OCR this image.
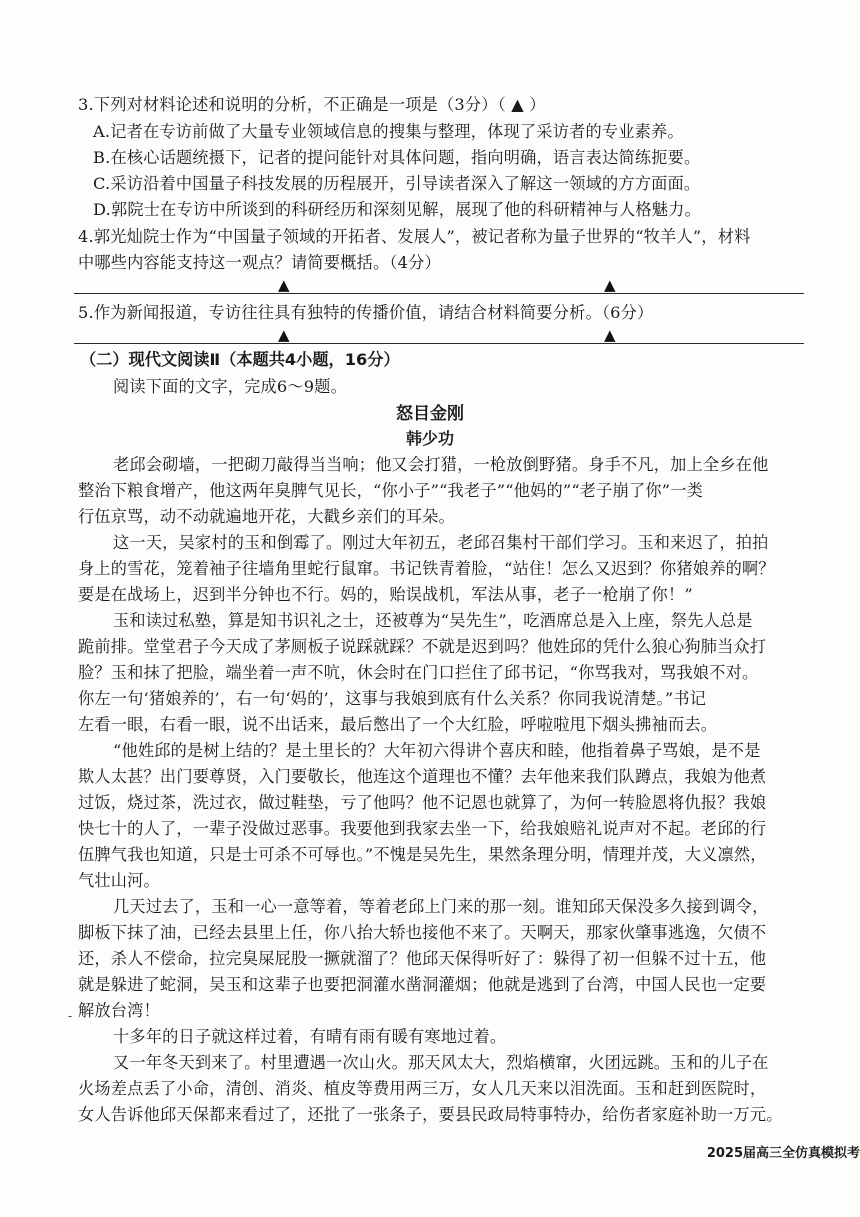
3.下列对材料论述和说明的分析，不正确是一项是（3分）（ ▲ ）
A.记者在专访前做了大量专业领域信息的搜集与整理，体现了采访者的专业素养。
B.在核心话题统摄下，记者的提问能针对具体问题，指向明确，语言表达简练扼要。
C.采访沿着中国量子科技发展的历程展开，引导读者深入了解这一领域的方方面面。
D.郭院士在专访中所谈到的科研经历和深刻见解，展现了他的科研精神与人格魅力。
4.郭光灿院士作为“中国量子领域的开拓者、发展人”，被记者称为量子世界的“牧羊人”，材料
中哪些内容能支持这一观点？请简要概括。（4分）
▲	▲
5.作为新闻报道，专访往往具有独特的传播价值，请结合材料简要分析。（6分）
▲	▲
（二）现代文阅读Ⅱ（本题共4小题，16分）
阅读下面的文字，完成6～9题。
怒目金刚
韩少功
老邱会砌墙，一把砌刀敲得当当响；他又会打猎，一枪放倒野猪。身手不凡，加上全乡在他
整治下粮食增产，他这两年臭脾气见长，“你小子”“我老子”“他妈的”“老子崩了你”一类
行伍京骂，动不动就遍地开花，大戳乡亲们的耳朵。
这一天，吴家村的玉和倒霉了。刚过大年初五，老邱召集村干部们学习。玉和来迟了，拍拍
身上的雪花，笼着袖子往墙角里蛇行鼠窜。书记铁青着脸，“站住！怎么又迟到？你猪娘养的啊？
要是在战场上，迟到半分钟也不行。妈的，贻误战机，军法从事，老子一枪崩了你！”
玉和读过私塾，算是知书识礼之士，还被尊为“吴先生”，吃酒席总是入上座，祭先人总是
跪前排。堂堂君子今天成了茅厕板子说踩就踩？不就是迟到吗？他姓邱的凭什么狼心狗肺当众打
脸？玉和抹了把脸，端坐着一声不吭，休会时在门口拦住了邱书记，“你骂我对，骂我娘不对。
你左一句‘猪娘养的’，右一句‘妈的’，这事与我娘到底有什么关系？你同我说清楚。”书记
左看一眼，右看一眼，说不出话来，最后憋出了一个大红脸，呼啦啦甩下烟头拂袖而去。
“他姓邱的是树上结的？是土里长的？大年初六得讲个喜庆和睦，他指着鼻子骂娘，是不是
欺人太甚？出门要尊贤，入门要敬长，他连这个道理也不懂？去年他来我们队蹲点，我娘为他煮
过饭，烧过茶，洗过衣，做过鞋垫，亏了他吗？他不记恩也就算了，为何一转脸恩将仇报？我娘
快七十的人了，一辈子没做过恶事。我要他到我家去坐一下，给我娘赔礼说声对不起。老邱的行
伍脾气我也知道，只是士可杀不可辱也。”不愧是吴先生，果然条理分明，情理并茂，大义凛然，
气壮山河。
几天过去了，玉和一心一意等着，等着老邱上门来的那一刻。谁知邱天保没多久接到调令，
脚板下抹了油，已经去县里上任，你八抬大轿也接他不来了。天啊天，那家伙肇事逃逸，欠债不
还，杀人不偿命，拉完臭屎屁股一撅就溜了？他邱天保得听好了：躲得了初一但躲不过十五，他
就是躲进了蛇洞，吴玉和这辈子也要把洞灌水凿洞灌烟；他就是逃到了台湾，中国人民也一定要
解放台湾！
-
十多年的日子就这样过着，有晴有雨有暖有寒地过着。
又一年冬天到来了。村里遭遇一次山火。那天风太大，烈焰横窜，火团远跳。玉和的儿子在
火场差点丢了小命，清创、消炎、植皮等费用两三万，女人几天来以泪洗面。玉和赶到医院时，
女人告诉他邱天保都来看过了，还批了一张条子，要县民政局特事特办，给伤者家庭补助一万元。
2025届高三全仿真模拟考
